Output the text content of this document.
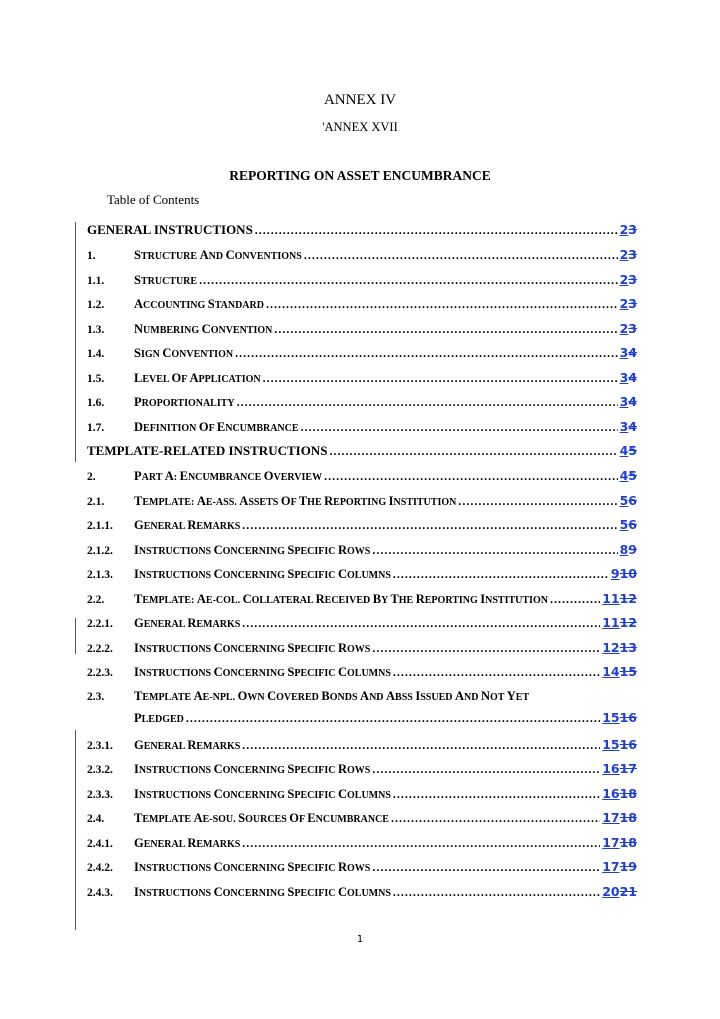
ANNEX IV
'ANNEX XVII
REPORTING ON ASSET ENCUMBRANCE
Table of Contents
GENERAL INSTRUCTIONS .....	23
1.	STRUCTURE AND CONVENTIONS .....	23
1.1.	STRUCTURE .....	23
1.2.	ACCOUNTING STANDARD .....	23
1.3.	NUMBERING CONVENTION .....	23
1.4.	SIGN CONVENTION .....	34
1.5.	LEVEL OF APPLICATION .....	34
1.6.	PROPORTIONALITY .....	34
1.7.	DEFINITION OF ENCUMBRANCE .....	34
TEMPLATE-RELATED INSTRUCTIONS .....	45
2.	PART A: ENCUMBRANCE OVERVIEW .....	45
2.1.	TEMPLATE: AE-ASS. ASSETS OF THE REPORTING INSTITUTION .....	56
2.1.1.	GENERAL REMARKS .....	56
2.1.2.	INSTRUCTIONS CONCERNING SPECIFIC ROWS .....	89
2.1.3.	INSTRUCTIONS CONCERNING SPECIFIC COLUMNS .....	910
2.2.	TEMPLATE: AE-COL. COLLATERAL RECEIVED BY THE REPORTING INSTITUTION .....	1112
2.2.1.	GENERAL REMARKS .....	1112
2.2.2.	INSTRUCTIONS CONCERNING SPECIFIC ROWS .....	1213
2.2.3.	INSTRUCTIONS CONCERNING SPECIFIC COLUMNS .....	1415
2.3.	TEMPLATE AE-NPL. OWN COVERED BONDS AND ABSS ISSUED AND NOT YET
PLEDGED .....	1516
2.3.1.	GENERAL REMARKS .....	1516
2.3.2.	INSTRUCTIONS CONCERNING SPECIFIC ROWS .....	1617
2.3.3.	INSTRUCTIONS CONCERNING SPECIFIC COLUMNS .....	1618
2.4.	TEMPLATE AE-SOU. SOURCES OF ENCUMBRANCE .....	1718
2.4.1.	GENERAL REMARKS .....	1718
2.4.2.	INSTRUCTIONS CONCERNING SPECIFIC ROWS .....	1719
2.4.3.	INSTRUCTIONS CONCERNING SPECIFIC COLUMNS .....	2021
1
